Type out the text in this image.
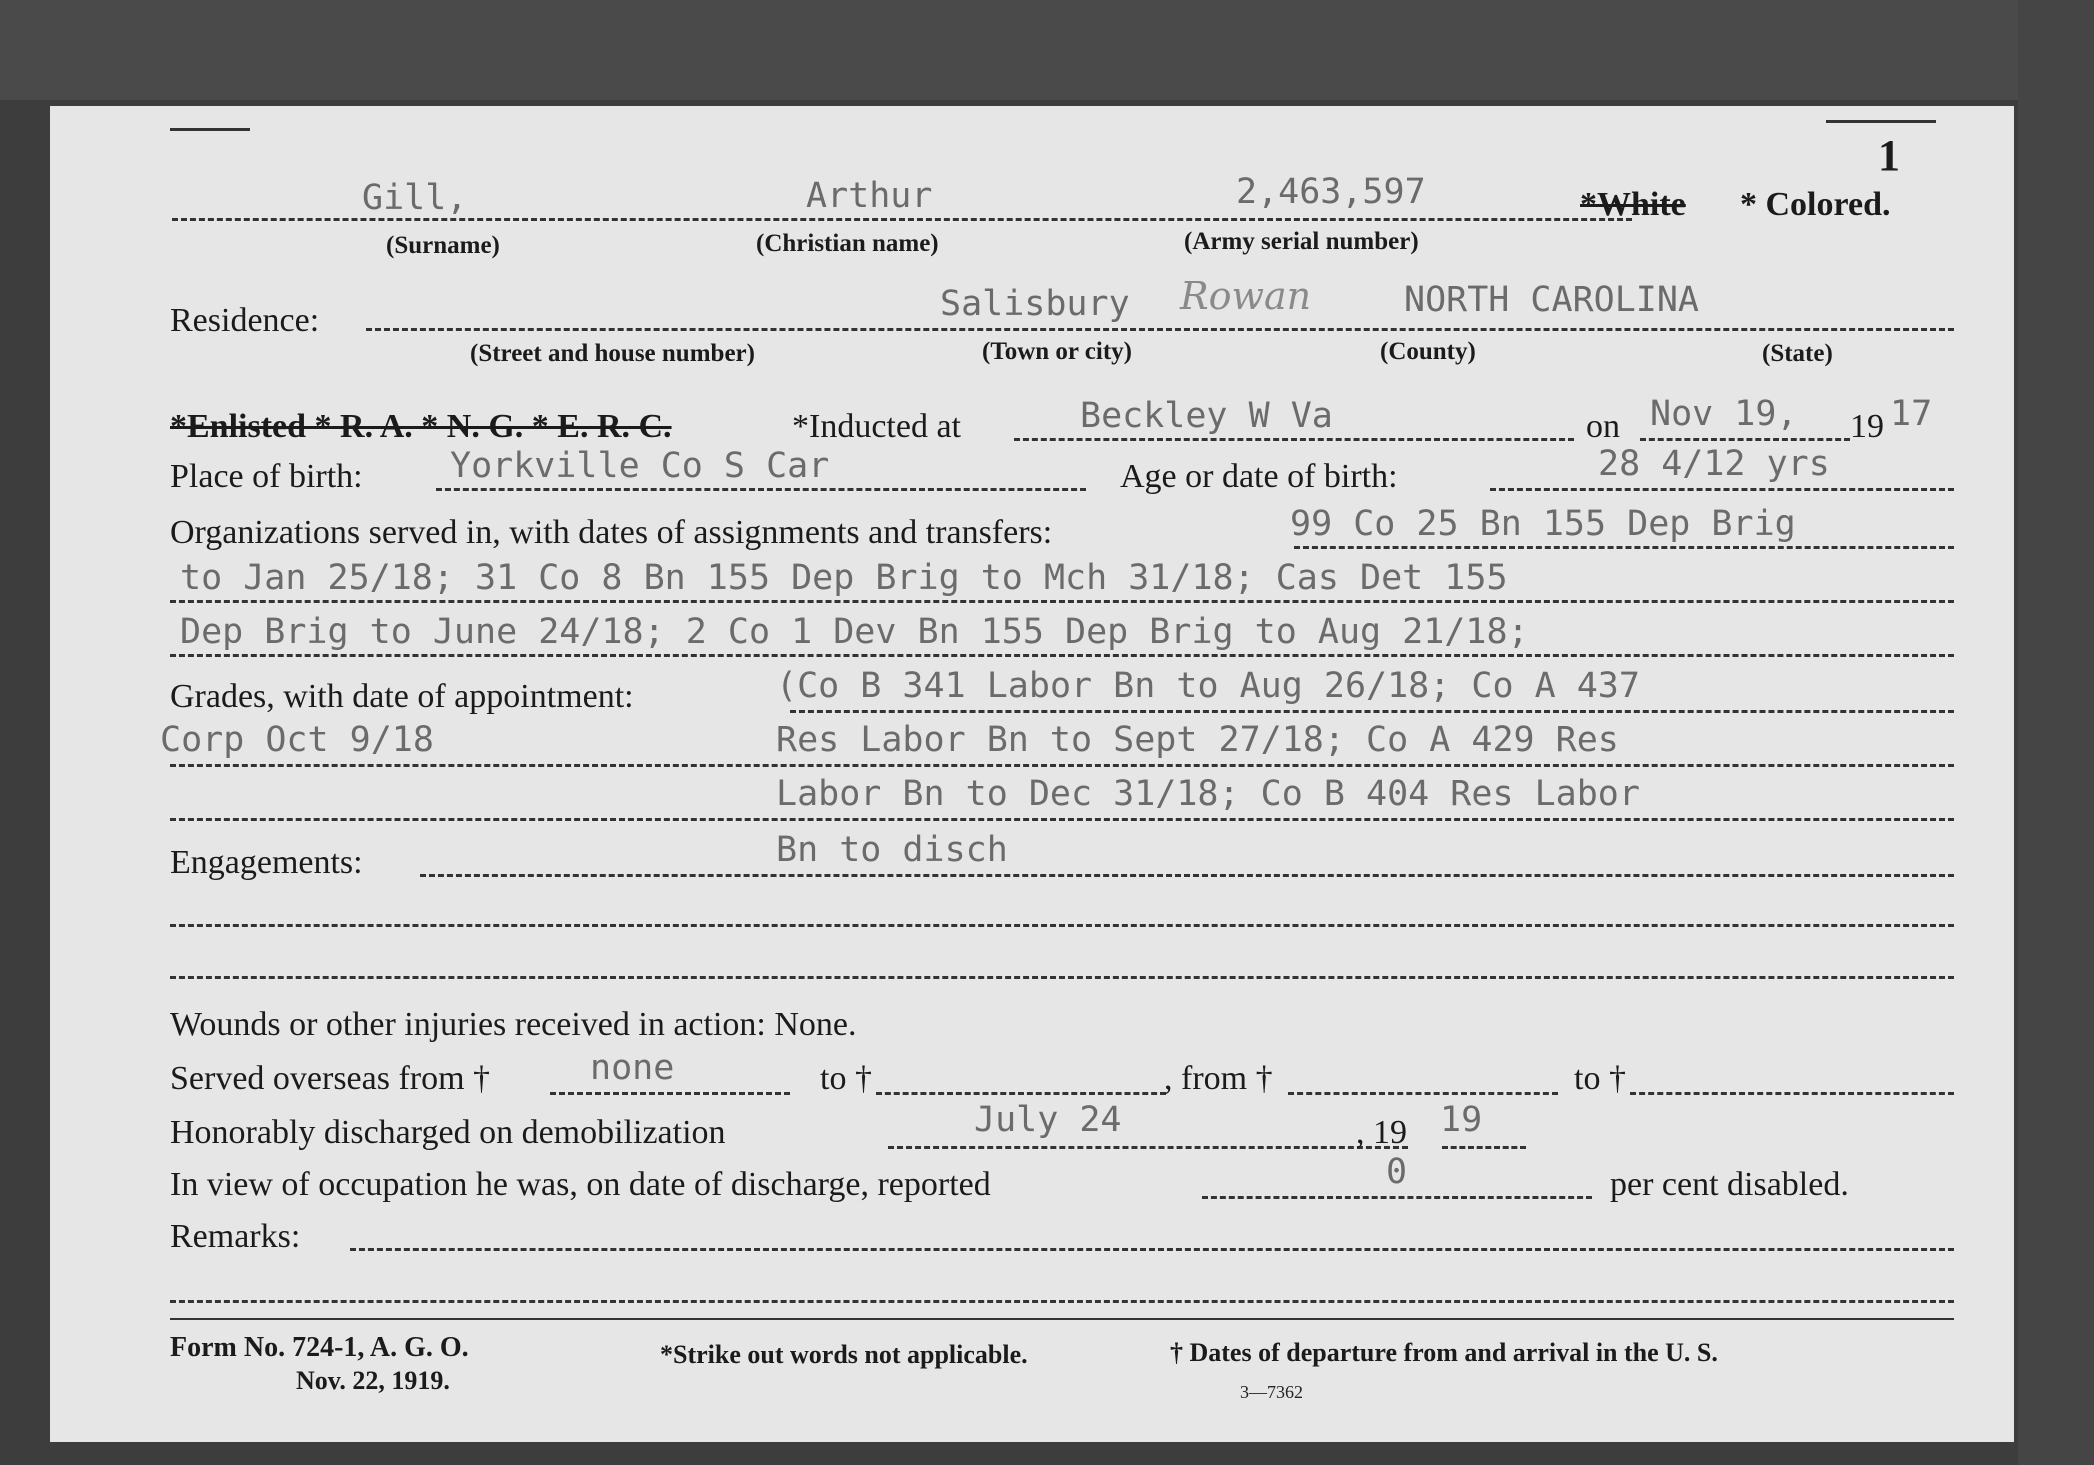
1
Gill,	Arthur	2,463,597	*White * Colored.
(Surname)	(Christian name)	(Army serial number)
Residence:	Salisbury Rowan	NORTH CAROLINA
(Street and house number)	(Town or city)	(County)	(State)
*Enlisted * R. A. * N. G. * E. R. C.	*Inducted at	Beckley W Va	on Nov 19, 19 17
Place of birth: Yorkville Co S Car	Age or date of birth:	28 4/12 yrs
Organizations served in, with dates of assignments and transfers:	99 Co 25 Bn 155 Dep Brig
to Jan 25/18; 31 Co 8 Bn 155 Dep Brig to Mch 31/18; Cas Det 155
Dep Brig to June 24/18; 2 Co 1 Dev Bn 155 Dep Brig to Aug 21/18;
Grades, with date of appointment:	(Co B 341 Labor Bn to Aug 26/18; Co A 437
Corp Oct 9/18	Res Labor Bn to Sept 27/18; Co A 429 Res
Labor Bn to Dec 31/18; Co B 404 Res Labor
Engagements:	Bn to disch
Wounds or other injuries received in action: None.
Served overseas from †	none	to †	, from †	to †
Honorably discharged on demobilization	July 24	, 19 19
In view of occupation he was, on date of discharge, reported	0	per cent disabled.
Remarks:
Form No. 724-1, A. G. O.
Nov. 22, 1919.
*Strike out words not applicable.	† Dates of departure from and arrival in the U. S.
3—7362
